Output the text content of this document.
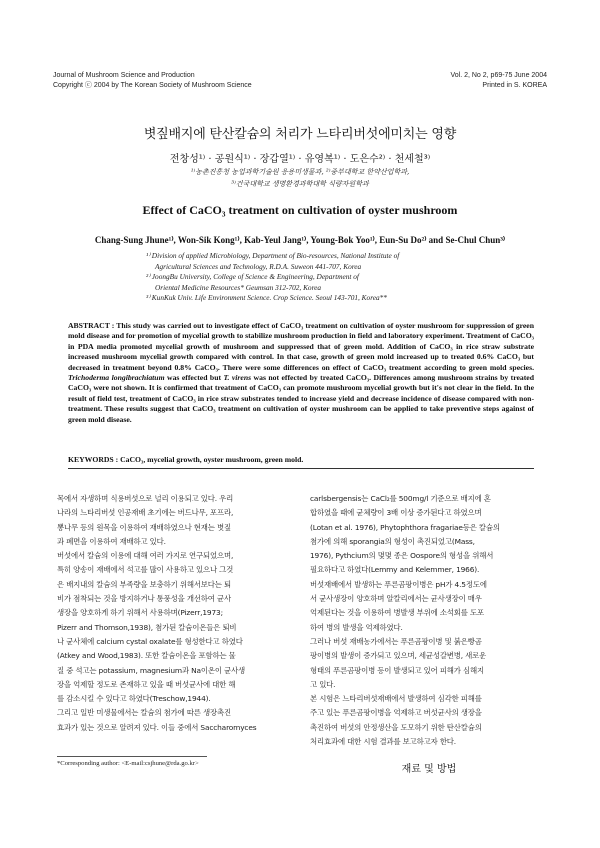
Journal of Mushroom Science and Production
Copyright ⓒ 2004 by The Korean Society of Mushroom Science
Vol. 2, No 2, p69-75 June 2004
Printed in S. KOREA
볏짚배지에 탄산칼슘의 처리가 느타리버섯에미치는 영향
전창성¹⁾ · 공원식¹⁾ · 장갑열¹⁾ · 유영복¹⁾ · 도은수²⁾ · 천세철³⁾
¹⁾농촌진흥청 농업과학기술원 응용미생물과, ²⁾중부대학교 한약산업학과,
³⁾건국대학교 생명환경과학대학 식량자원학과
Effect of CaCO₃ treatment on cultivation of oyster mushroom
Chang-Sung Jhune¹⁾, Won-Sik Kong¹⁾, Kab-Yeul Jang¹⁾, Young-Bok Yoo¹⁾, Eun-Su Do²⁾ and Se-Chul Chun³⁾
¹⁾ Division of applied Microbiology, Department of Bio-resources, National Institute of
Agricultural Sciences and Technology, R.D.A. Suweon 441-707, Korea
²⁾ JoongBu University, College of Science & Engineering, Department of
Oriental Medicine Resources* Geumsan 312-702, Korea
³⁾ KunKuk Univ. Life Environment Science. Crop Science. Seoul 143-701, Korea**
ABSTRACT : This study was carried out to investigate effect of CaCO₃ treatment on cultivation of oyster mushroom for suppression of green mold disease and for promotion of mycelial growth to stabilize mushroom production in field and laboratory experiment. Treatment of CaCO₃ in PDA media promoted mycelial growth of mushroom and suppressed that of green mold. Addition of CaCO₃ in rice straw substrate increased mushroom mycelial growth compared with control. In that case, growth of green mold increased up to treated 0.6% CaCO₃ but decreased in treatment beyond 0.8% CaCO₃. There were some differences on effect of CaCO₃ treatment according to green mold species. Trichoderma longibrachiatum was effected but T. virens was not effected by treated CaCO₃. Differences among mushroom strains by treated CaCO₃ were not shown. It is confirmed that treatment of CaCO₃ can promote mushroom mycelial growth but it's not clear in the field. In the result of field test, treatment of CaCO₃ in rice straw substrates tended to increase yield and decrease incidence of disease compared with non-treatment. These results suggest that CaCO₃ treatment on cultivation of oyster mushroom can be applied to take preventive steps against of green mold disease.
KEYWORDS : CaCO₃, mycelial growth, oyster mushroom, green mold.
목에서 자생하며 식용버섯으로 널리 이용되고 있다. 우리
나라의 느타리버섯 인공재배 초기에는 버드나무, 포프라,
뽕나무 등의 원목을 이용하여 재배하였으나 현재는 볏짚
과 폐면을 이용하여 재배하고 있다.
버섯에서 칼슘의 이용에 대해 여러 가지로 연구되었으며,
특히 양송이 재배에서 석고를 많이 사용하고 있으나 그것
은 배지내의 칼슘의 부족량을 보충하기 위해서보다는 퇴
비가 점착되는 것을 방지하거나 통풍성을 개선하여 균사
생장을 양호하게 하기 위해서 사용하며(Pizerr,1973;
Pizerr and Thomson,1938), 첨가된 칼슘이온들은 퇴비
나 균사체에 calcium cystal oxalate를 형성한다고 하였다
(Atkey and Wood,1983). 또한 칼슘이온을 포함하는 물
질 중 석고는 potassium, magnesium과 Na이온이 균사생
장을 억제할 정도로 존재하고 있을 때 버섯균사에 대한 해
를 감소시킬 수 있다고 하였다(Treschow,1944).
그리고 일반 미생물에서는 칼슘의 첨가에 따른 생장촉진
효과가 있는 것으로 알려져 있다. 이들 중에서 Saccharomyces
carlsbergensis는 CaCl₂를 500mg/l 기준으로 배지에 혼
합하였을 때에 균체량이 3배 이상 증가된다고 하였으며
(Lotan et al. 1976), Phytophthora fragariae등은 칼슘의
첨가에 의해 sporangia의 형성이 촉진되었고(Mass,
1976), Pythcium의 몇몇 종은 Oospore의 형성을 위해서
필요하다고 하였다(Lemmy and Kelemmer, 1966).
버섯재배에서 발생하는 푸른곰팡이병은 pH가 4.5정도에
서 균사생장이 양호하며 알칼리에서는 균사생장이 매우
억제된다는 것을 이용하여 병발생 부위에 소석회를 도포
하여 병의 발생을 억제하였다.
그러나 버섯 재배농가에서는 푸른곰팡이병 및 붉은빵곰
팡이병의 발생이 증가되고 있으며, 세균성갈변병, 새로운
형태의 푸른곰팡이병 등이 발생되고 있어 피해가 심해지
고 있다.
본 시험은 느타리버섯재배에서 발생하여 심각한 피해를
주고 있는 푸른곰팡이병을 억제하고 버섯균사의 생장을
촉진하여 버섯의 안정생산을 도모하기 위한 탄산칼슘의
처리효과에 대한 시험 결과를 보고하고자 한다.
재료 및 방법
*Corresponding author: <E-mail:csjhune@rda.go.kr>
